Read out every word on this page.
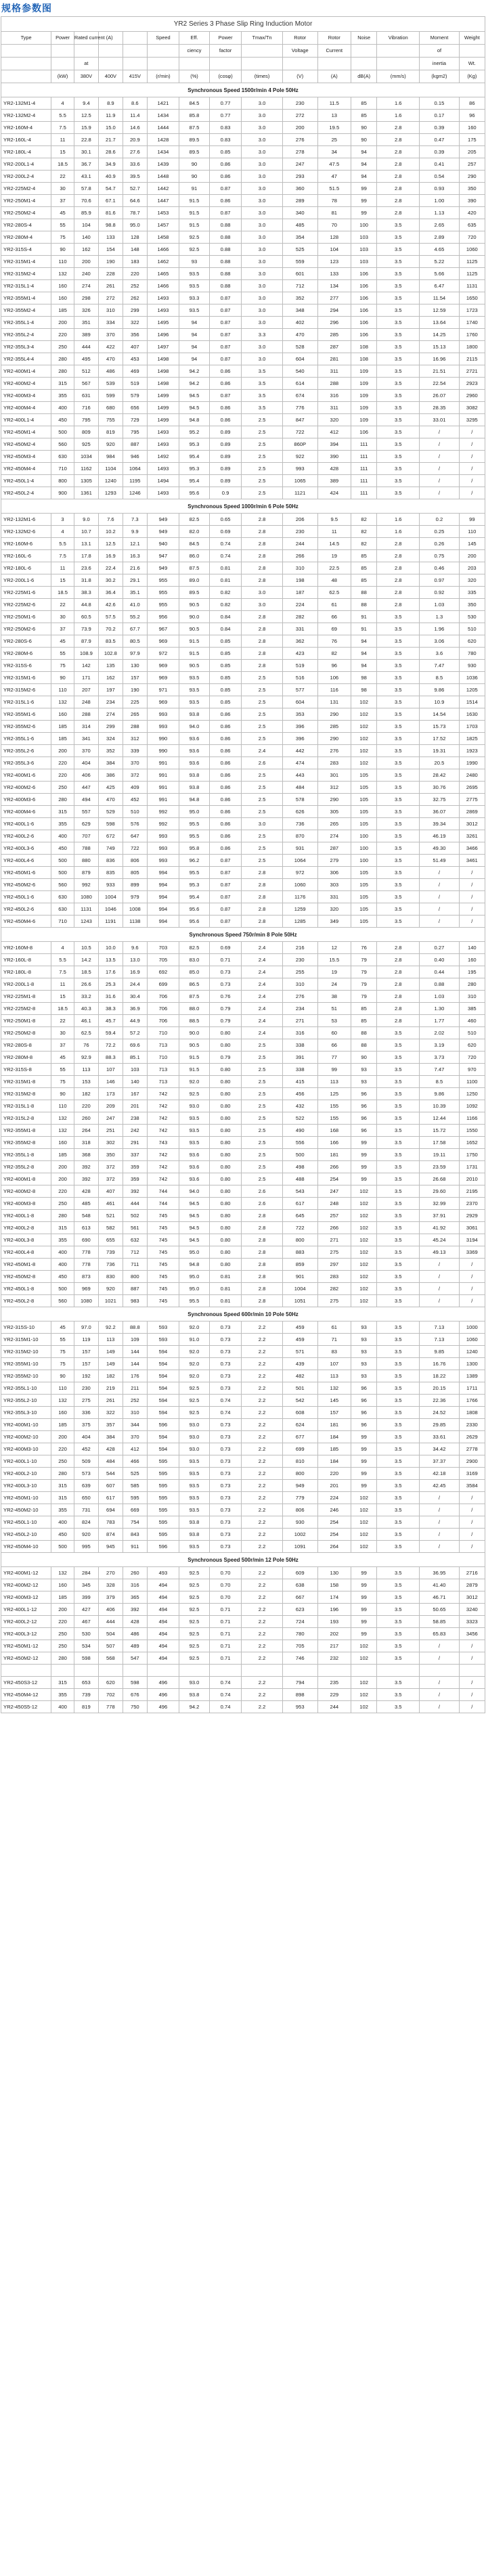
规格参数图
YR2 Series 3 Phase Slip Ring Induction Motor														
Type	Power	Rated current (A)			Speed	Eff.	Power	Tmax/Tn	Rotor	Rotor	Noise	Vibration	Moment	Weight
						ciency	factor		Voltage	Current			of	
		at											inertia	Wt.
	(kW)	380V	400V	415V	(r/min)	(%)	(cosφ)	(times)	(V)	(A)	dB(A)	(mm/s)	(kgm2)	(Kg)
Synchronous Speed 1500r/min 4 Pole 50Hz														
YR2-132M1-4	4	9.4	8.9	8.6	1421	84.5	0.77	3.0	230	11.5	85	1.6	0.15	86
YR2-132M2-4	5.5	12.5	11.9	11.4	1434	85.8	0.77	3.0	272	13	85	1.6	0.17	96
YR2-160M-4	7.5	15.9	15.0	14.6	1444	87.5	0.83	3.0	200	19.5	90	2.8	0.39	160
YR2-160L-4	11	22.8	21.7	20.9	1428	89.5	0.83	3.0	276	25	90	2.8	0.47	175
YR2-180L-4	15	30.1	28.6	27.6	1434	89.5	0.85	3.0	278	34	94	2.8	0.39	205
YR2-200L1-4	18.5	36.7	34.9	33.6	1439	90	0.86	3.0	247	47.5	94	2.8	0.41	257
YR2-200L2-4	22	43.1	40.9	39.5	1448	90	0.86	3.0	293	47	94	2.8	0.54	290
YR2-225M2-4	30	57.8	54.7	52.7	1442	91	0.87	3.0	360	51.5	99	2.8	0.93	350
YR2-250M1-4	37	70.6	67.1	64.6	1447	91.5	0.86	3.0	289	78	99	2.8	1.00	390
YR2-250M2-4	45	85.9	81.6	78.7	1453	91.5	0.87	3.0	340	81	99	2.8	1.13	420
YR2-280S-4	55	104	98.8	95.0	1457	91.5	0.88	3.0	485	70	100	3.5	2.65	635
YR2-280M-4	75	140	133	128	1458	92.5	0.88	3.0	354	128	103	3.5	2.89	720
YR2-315S-4	90	162	154	148	1466	92.5	0.88	3.0	525	104	103	3.5	4.65	1060
YR2-315M1-4	110	200	190	183	1462	93	0.88	3.0	559	123	103	3.5	5.22	1125
YR2-315M2-4	132	240	228	220	1465	93.5	0.88	3.0	601	133	106	3.5	5.66	1125
YR2-315L1-4	160	274	261	252	1466	93.5	0.88	3.0	712	134	106	3.5	6.47	1131
YR2-355M1-4	160	298	272	262	1493	93.3	0.87	3.0	352	277	106	3.5	11.54	1650
YR2-355M2-4	185	326	310	299	1493	93.5	0.87	3.0	348	294	106	3.5	12.59	1723
YR2-355L1-4	200	351	334	322	1495	94	0.87	3.0	402	296	106	3.5	13.64	1740
YR2-355L2-4	220	389	370	356	1496	94	0.87	3.3	470	285	106	3.5	14.25	1760
YR2-355L3-4	250	444	422	407	1497	94	0.87	3.0	528	287	108	3.5	15.13	1800
YR2-355L4-4	280	495	470	453	1498	94	0.87	3.0	604	281	108	3.5	16.96	2115
YR2-400M1-4	280	512	486	469	1498	94.2	0.86	3.5	540	311	109	3.5	21.51	2721
YR2-400M2-4	315	567	539	519	1498	94.2	0.86	3.5	614	288	109	3.5	22.54	2923
YR2-400M3-4	355	631	599	579	1499	94.5	0.87	3.5	674	316	109	3.5	26.07	2960
YR2-400M4-4	400	716	680	656	1499	94.5	0.86	3.5	776	311	109	3.5	28.35	3082
YR2-400L1-4	450	795	755	729	1499	94.8	0.86	2.5	847	320	109	3.5	33.01	3295
YR2-450M1-4	500	809	819	795	1493	95.2	0.89	2.5	722	412	106	3.5	/	/
YR2-450M2-4	560	925	920	887	1493	95.3	0.89	2.5	860P	394	111	3.5	/	/
YR2-450M3-4	630	1034	984	946	1492	95.4	0.89	2.5	922	390	111	3.5	/	/
YR2-450M4-4	710	1162	1104	1064	1493	95.3	0.89	2.5	993	428	111	3.5	/	/
YR2-450L1-4	800	1305	1240	1195	1494	95.4	0.89	2.5	1065	389	111	3.5	/	/
YR2-450L2-4	900	1361	1293	1246	1493	95.6	0.9	2.5	1121	424	111	3.5	/	/
Synchronous Speed 1000r/min 6 Pole 50Hz														
YR2-132M1-6	3	9.0	7.6	7.3	949	82.5	0.65	2.8	206	9.5	82	1.6	0.2	99
YR2-132M2-6	4	10.7	10.2	9.9	949	82.0	0.69	2.8	230	11	82	1.6	0.25	110
YR2-160M-6	5.5	13.1	12.5	12.1	940	84.5	0.74	2.8	244	14.5	82	2.8	0.26	145
YR2-160L-6	7.5	17.8	16.9	16.3	947	86.0	0.74	2.8	266	19	85	2.8	0.75	200
YR2-180L-6	11	23.6	22.4	21.6	949	87.5	0.81	2.8	310	22.5	85	2.8	0.46	203
YR2-200L1-6	15	31.8	30.2	29.1	955	89.0	0.81	2.8	198	48	85	2.8	0.97	320
YR2-225M1-6	18.5	38.3	36.4	35.1	955	89.5	0.82	3.0	187	62.5	88	2.8	0.92	335
YR2-225M2-6	22	44.8	42.6	41.0	955	90.5	0.82	3.0	224	61	88	2.8	1.03	350
YR2-250M1-6	30	60.5	57.5	55.2	956	90.0	0.84	2.8	282	66	91	3.5	1.3	530
YR2-250M2-6	37	73.9	70.2	67.7	967	90.5	0.84	2.8	331	69	91	3.5	1.96	510
YR2-280S-6	45	87.9	83.5	80.5	969	91.5	0.85	2.8	362	76	94	3.5	3.06	620
YR2-280M-6	55	108.9	102.8	97.9	972	91.5	0.85	2.8	423	82	94	3.5	3.6	780
YR2-315S-6	75	142	135	130	969	90.5	0.85	2.8	519	96	94	3.5	7.47	930
YR2-315M1-6	90	171	162	157	969	93.5	0.85	2.5	516	106	98	3.5	8.5	1036
YR2-315M2-6	110	207	197	190	971	93.5	0.85	2.5	577	116	98	3.5	9.86	1205
YR2-315L1-6	132	248	234	225	969	93.5	0.85	2.5	604	131	102	3.5	10.9	1514
YR2-355M1-6	160	288	274	265	993	93.8	0.86	2.5	353	290	102	3.5	14.54	1630
YR2-355M2-6	185	314	299	288	993	94.0	0.86	2.5	396	285	102	3.5	15.73	1703
YR2-355L1-6	185	341	324	312	990	93.6	0.86	2.5	396	290	102	3.5	17.52	1825
YR2-355L2-6	200	370	352	339	990	93.6	0.86	2.4	442	276	102	3.5	19.31	1923
YR2-355L3-6	220	404	384	370	991	93.6	0.86	2.6	474	283	102	3.5	20.5	1990
YR2-400M1-6	220	406	386	372	991	93.8	0.86	2.5	443	301	105	3.5	28.42	2480
YR2-400M2-6	250	447	425	409	991	93.8	0.86	2.5	484	312	105	3.5	30.76	2695
YR2-400M3-6	280	494	470	452	991	94.8	0.86	2.5	578	290	105	3.5	32.75	2775
YR2-400M4-6	315	557	529	510	992	95.0	0.86	2.5	626	305	105	3.5	36.07	2869
YR2-400L1-6	355	629	598	576	992	95.5	0.86	3.0	736	265	105	3.5	39.34	3012
YR2-400L2-6	400	707	672	647	993	95.5	0.86	2.5	870	274	100	3.5	46.19	3261
YR2-400L3-6	450	788	749	722	993	95.8	0.86	2.5	931	287	100	3.5	49.30	3466
YR2-400L4-6	500	880	836	806	993	96.2	0.87	2.5	1064	279	100	3.5	51.49	3461
YR2-450M1-6	500	879	835	805	994	95.5	0.87	2.8	972	306	105	3.5	/	/
YR2-450M2-6	560	992	933	899	994	95.3	0.87	2.8	1060	303	105	3.5	/	/
YR2-450L1-6	630	1080	1004	979	994	95.4	0.87	2.8	1176	331	105	3.5	/	/
YR2-450L2-6	630	1131	1046	1008	994	95.6	0.87	2.8	1259	320	105	3.5	/	/
YR2-450M4-6	710	1243	1191	1138	994	95.6	0.87	2.8	1285	349	105	3.5	/	/
Synchronous Speed 750r/min 8 Pole 50Hz														
YR2-160M-8	4	10.5	10.0	9.6	703	82.5	0.69	2.4	216	12	76	2.8	0.27	140
YR2-160L-8	5.5	14.2	13.5	13.0	705	83.0	0.71	2.4	230	15.5	79	2.8	0.40	160
YR2-180L-8	7.5	18.5	17.6	16.9	692	85.0	0.73	2.4	255	19	79	2.8	0.44	195
YR2-200L1-8	11	26.6	25.3	24.4	699	86.5	0.73	2.4	310	24	79	2.8	0.88	280
YR2-225M1-8	15	33.2	31.6	30.4	706	87.5	0.76	2.4	276	38	79	2.8	1.03	310
YR2-225M2-8	18.5	40.3	38.3	36.9	706	88.0	0.79	2.4	234	51	85	2.8	1.30	385
YR2-250M1-8	22	46.1	45.7	44.9	706	88.5	0.79	2.4	271	53	85	2.8	1.77	460
YR2-250M2-8	30	62.5	59.4	57.2	710	90.0	0.80	2.4	316	60	88	3.5	2.02	510
YR2-280S-8	37	76	72.2	69.6	713	90.5	0.80	2.5	338	66	88	3.5	3.19	620
YR2-280M-8	45	92.9	88.3	85.1	710	91.5	0.79	2.5	391	77	90	3.5	3.73	720
YR2-315S-8	55	113	107	103	713	91.5	0.80	2.5	338	99	93	3.5	7.47	970
YR2-315M1-8	75	153	146	140	713	92.0	0.80	2.5	415	113	93	3.5	8.5	1100
YR2-315M2-8	90	182	173	167	742	92.5	0.80	2.5	456	125	96	3.5	9.86	1250
YR2-315L1-8	110	220	209	201	742	93.0	0.80	2.5	432	155	96	3.5	10.39	1092
YR2-315L2-8	132	260	247	238	742	93.5	0.80	2.5	522	155	96	3.5	12.44	1166
YR2-355M1-8	132	264	251	242	742	93.5	0.80	2.5	490	168	96	3.5	15.72	1550
YR2-355M2-8	160	318	302	291	743	93.5	0.80	2.5	556	166	99	3.5	17.58	1652
YR2-355L1-8	185	368	350	337	742	93.6	0.80	2.5	500	181	99	3.5	19.11	1750
YR2-355L2-8	200	392	372	359	742	93.6	0.80	2.5	498	266	99	3.5	23.59	1731
YR2-400M1-8	200	392	372	359	742	93.6	0.80	2.5	488	254	99	3.5	26.68	2010
YR2-400M2-8	220	428	407	392	744	94.0	0.80	2.6	543	247	102	3.5	29.60	2195
YR2-400M3-8	250	485	461	444	744	94.5	0.80	2.6	617	248	102	3.5	32.99	2370
YR2-400L1-8	280	548	521	502	745	94.5	0.80	2.8	645	257	102	3.5	37.91	2929
YR2-400L2-8	315	613	582	561	745	94.5	0.80	2.8	722	266	102	3.5	41.92	3061
YR2-400L3-8	355	690	655	632	745	94.5	0.80	2.8	800	271	102	3.5	45.24	3194
YR2-400L4-8	400	778	739	712	745	95.0	0.80	2.8	883	275	102	3.5	49.13	3369
YR2-450M1-8	400	778	736	711	745	94.8	0.80	2.8	859	297	102	3.5	/	/
YR2-450M2-8	450	873	830	800	745	95.0	0.81	2.8	901	283	102	3.5	/	/
YR2-450L1-8	500	969	920	887	745	95.0	0.81	2.8	1004	282	102	3.5	/	/
YR2-450L2-8	560	1080	1021	983	745	95.5	0.81	2.8	1051	275	102	3.5	/	/
Synchronous Speed 600r/min 10 Pole 50Hz														
YR2-315S-10	45	97.0	92.2	88.8	593	92.0	0.73	2.2	459	61	93	3.5	7.13	1000
YR2-315M1-10	55	119	113	109	593	91.0	0.73	2.2	459	71	93	3.5	7.13	1060
YR2-315M2-10	75	157	149	144	594	92.0	0.73	2.2	571	83	93	3.5	9.85	1240
YR2-355M1-10	75	157	149	144	594	92.0	0.73	2.2	439	107	93	3.5	16.76	1300
YR2-355M2-10	90	192	182	176	594	92.0	0.73	2.2	482	113	93	3.5	18.22	1389
YR2-355L1-10	110	230	219	211	594	92.5	0.73	2.2	501	132	96	3.5	20.15	1711
YR2-355L2-10	132	275	261	252	594	92.5	0.74	2.2	542	145	96	3.5	22.36	1766
YR2-355L3-10	160	336	322	310	594	92.5	0.74	2.2	608	157	96	3.5	24.52	1808
YR2-400M1-10	185	375	357	344	596	93.0	0.73	2.2	624	181	96	3.5	29.85	2330
YR2-400M2-10	200	404	384	370	594	93.0	0.73	2.2	677	184	99	3.5	33.61	2629
YR2-400M3-10	220	452	428	412	594	93.0	0.73	2.2	699	185	99	3.5	34.42	2778
YR2-400L1-10	250	509	484	466	595	93.5	0.73	2.2	810	184	99	3.5	37.37	2900
YR2-400L2-10	280	573	544	525	595	93.5	0.73	2.2	800	220	99	3.5	42.18	3169
YR2-400L3-10	315	639	607	585	595	93.5	0.73	2.2	949	201	99	3.5	42.45	3584
YR2-450M1-10	315	650	617	595	595	93.5	0.73	2.2	779	224	102	3.5	/	/
YR2-450M2-10	355	731	694	669	595	93.5	0.73	2.2	806	246	102	3.5	/	/
YR2-450L1-10	400	824	783	754	595	93.8	0.73	2.2	930	254	102	3.5	/	/
YR2-450L2-10	450	920	874	843	595	93.8	0.73	2.2	1002	254	102	3.5	/	/
YR2-450M4-10	500	995	945	911	596	93.5	0.73	2.2	1091	264	102	3.5	/	/
Synchronous Speed 500r/min 12 Pole 50Hz														
YR2-400M1-12	132	284	270	260	493	92.5	0.70	2.2	609	130	99	3.5	36.95	2716
YR2-400M2-12	160	345	328	316	494	92.5	0.70	2.2	638	158	99	3.5	41.40	2879
YR2-400M3-12	185	399	379	365	494	92.5	0.70	2.2	667	174	99	3.5	46.71	3012
YR2-400L1-12	200	427	406	392	494	92.5	0.71	2.2	623	196	99	3.5	50.65	3240
YR2-400L2-12	220	467	444	428	494	92.5	0.71	2.2	724	193	99	3.5	58.85	3323
YR2-400L3-12	250	530	504	486	494	92.5	0.71	2.2	780	202	99	3.5	65.83	3456
YR2-450M1-12	250	534	507	489	494	92.5	0.71	2.2	705	217	102	3.5	/	/
YR2-450M2-12	280	598	568	547	494	92.5	0.71	2.2	746	232	102	3.5	/	/

YR2-450S3-12	315	653	620	598	496	93.0	0.74	2.2	794	235	102	3.5	/	/
YR2-450M4-12	355	739	702	676	496	93.8	0.74	2.2	898	229	102	3.5	/	/
YR2-450S5-12	400	819	778	750	496	94.2	0.74	2.2	953	244	102	3.5	/	/
